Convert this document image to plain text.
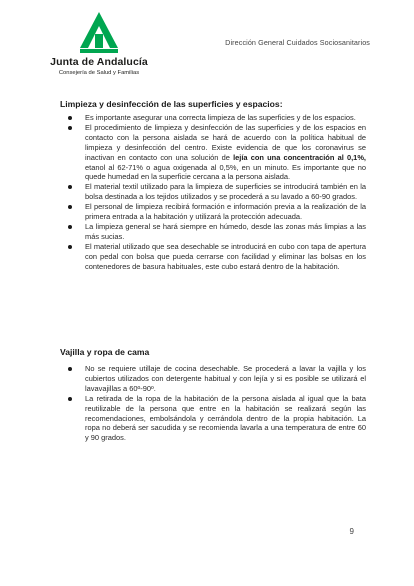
Junta de Andalucía
Consejería de Salud y Familias
Dirección General Cuidados Sociosanitarios
Limpieza y desinfección de las superficies y espacios:
Es importante asegurar una correcta limpieza de las superficies y de los espacios.
El procedimiento de limpieza y desinfección de las superficies y de los espacios en contacto con la persona aislada se hará de acuerdo con la política habitual de limpieza y desinfección del centro. Existe evidencia de que los coronavirus se inactivan en contacto con una solución de lejía con una concentración al 0,1%, etanol al 62-71% o agua oxigenada al 0,5%, en un minuto. Es importante que no quede humedad en la superficie cercana a la persona aislada.
El material textil utilizado para la limpieza de superficies se introducirá también en la bolsa destinada a los tejidos utilizados y se procederá a su lavado a 60-90 grados.
El personal de limpieza recibirá formación e información previa a la realización de la primera entrada a la habitación y utilizará la protección adecuada.
La limpieza general se hará siempre en húmedo, desde las zonas más limpias a las más sucias.
El material utilizado que sea desechable se introducirá en cubo con tapa de apertura con pedal con bolsa que pueda cerrarse con facilidad y eliminar las bolsas en los contenedores de basura habituales, este cubo estará dentro de la habitación.
Vajilla y ropa de cama
No se requiere utillaje de cocina desechable. Se procederá a lavar la vajilla y los cubiertos utilizados con detergente habitual y con lejía y si es posible se utilizará el lavavajillas a 60º-90º.
La retirada de la ropa de la habitación de la persona aislada al igual que la bata reutilizable de la persona que entre en la habitación se realizará según las recomendaciones, embolsándola y cerrándola dentro de la propia habitación. La ropa no deberá ser sacudida y se recomienda lavarla a una temperatura de entre 60 y 90 grados.
9
